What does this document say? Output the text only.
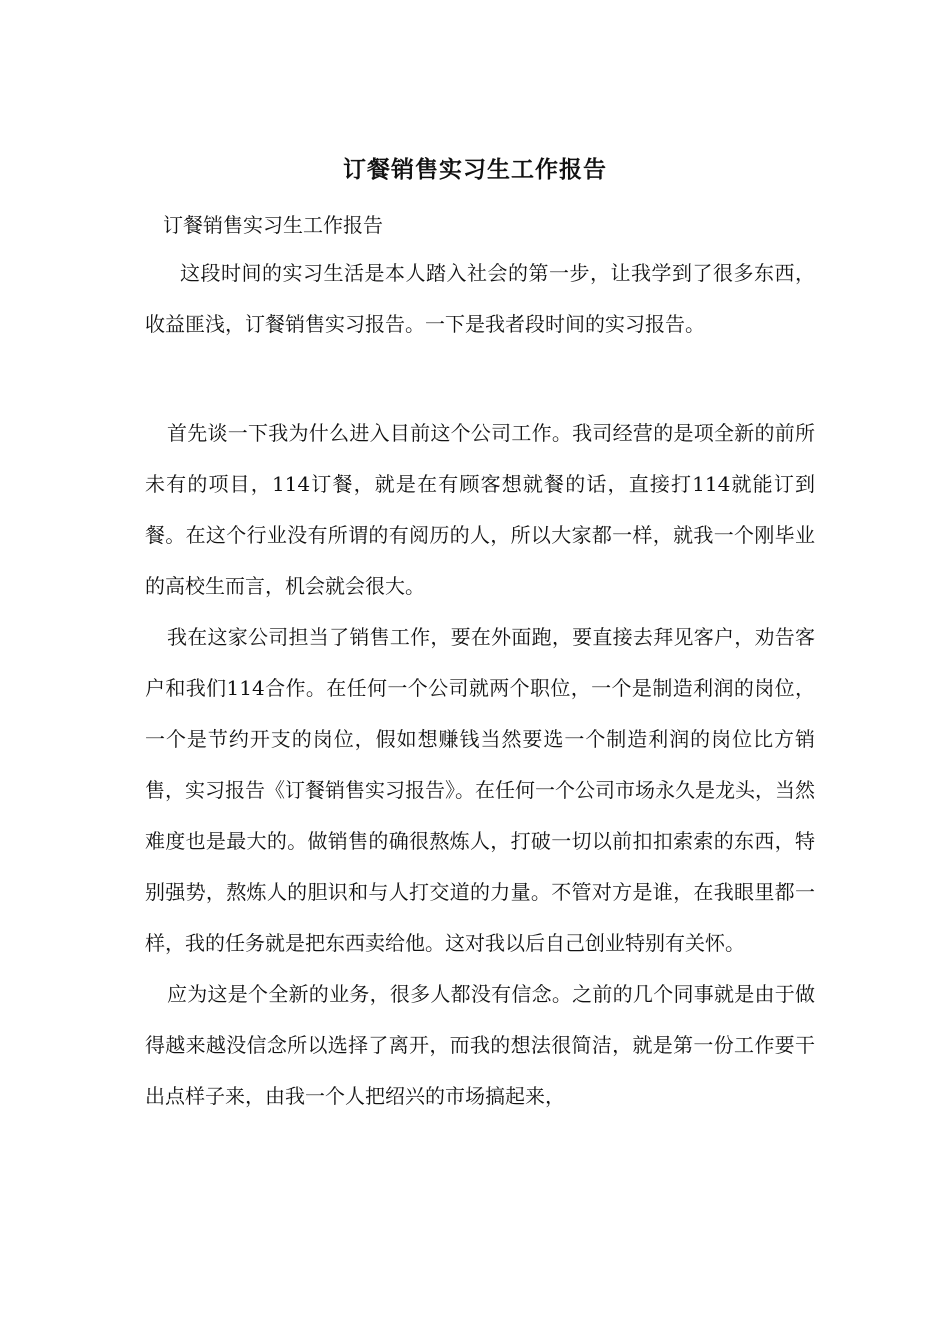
订餐销售实习生工作报告

订餐销售实习生工作报告

这段时间的实习生活是本人踏入社会的第一步，让我学到了很多东西，收益匪浅，订餐销售实习报告。一下是我者段时间的实习报告。

首先谈一下我为什么进入目前这个公司工作。我司经营的是项全新的前所未有的项目，114订餐，就是在有顾客想就餐的话，直接打114就能订到餐。在这个行业没有所谓的有阅历的人，所以大家都一样，就我一个刚毕业的高校生而言，机会就会很大。

我在这家公司担当了销售工作，要在外面跑，要直接去拜见客户，劝告客户和我们114合作。在任何一个公司就两个职位，一个是制造利润的岗位，一个是节约开支的岗位，假如想赚钱当然要选一个制造利润的岗位比方销售，实习报告《订餐销售实习报告》。在任何一个公司市场永久是龙头，当然难度也是最大的。做销售的确很熬炼人，打破一切以前扣扣索索的东西，特别强势，熬炼人的胆识和与人打交道的力量。不管对方是谁，在我眼里都一样，我的任务就是把东西卖给他。这对我以后自己创业特别有关怀。

应为这是个全新的业务，很多人都没有信念。之前的几个同事就是由于做得越来越没信念所以选择了离开，而我的想法很简洁，就是第一份工作要干出点样子来，由我一个人把绍兴的市场搞起来，
